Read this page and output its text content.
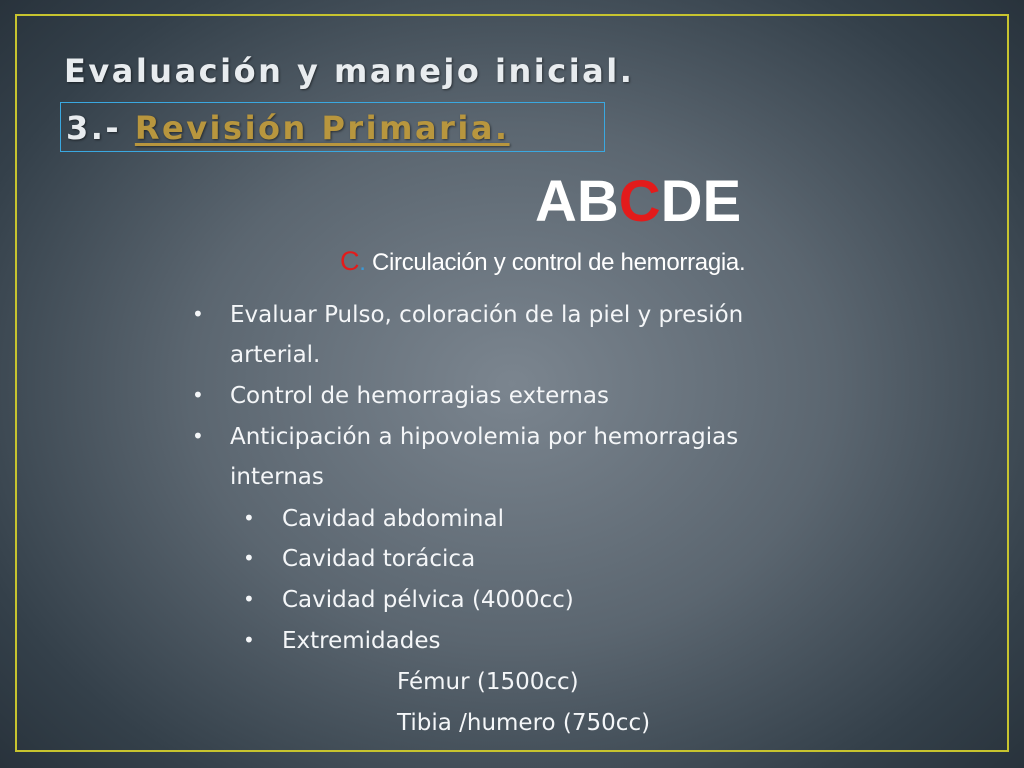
Evaluación y manejo inicial.
3.- Revisión Primaria.
ABCDE
C. Circulación y control de hemorragia.
• Evaluar Pulso, coloración de la piel y presión
arterial.
• Control de hemorragias externas
• Anticipación a hipovolemia por hemorragias
internas
• Cavidad abdominal
• Cavidad torácica
• Cavidad pélvica (4000cc)
• Extremidades
Fémur (1500cc)
Tibia /humero (750cc)
